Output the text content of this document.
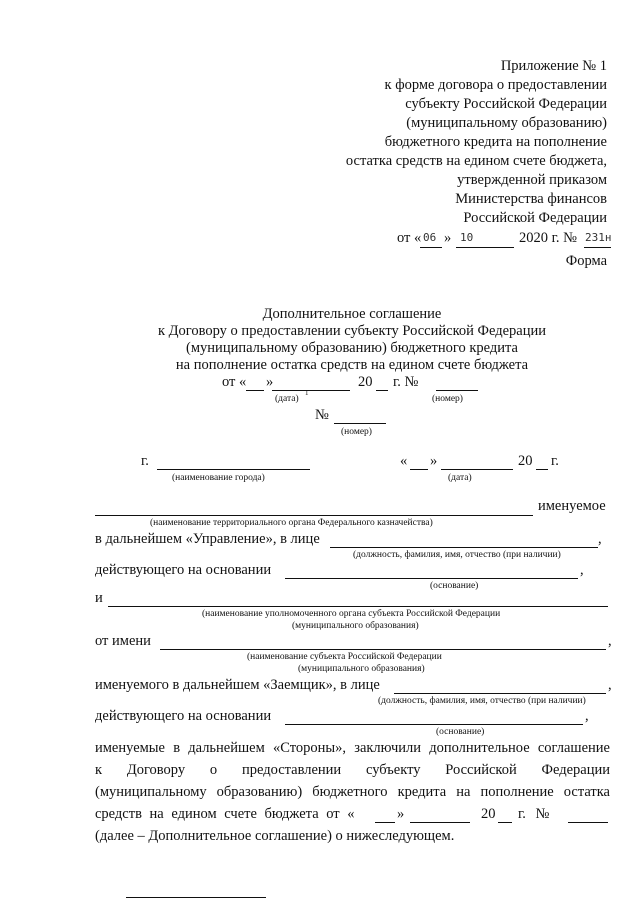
Приложение № 1
к форме договора о предоставлении
субъекту Российской Федерации
(муниципальному образованию)
бюджетного кредита на пополнение
остатка средств на едином счете бюджета,
утвержденной приказом
Министерства финансов
Российской Федерации
от « 06 » 10	2020 г. № 231н
Форма
Дополнительное соглашение
к Договору о предоставлении субъекту Российской Федерации
(муниципальному образованию) бюджетного кредита
на пополнение остатка средств на едином счете бюджета
от « »	20 г. №
(дата)
1
(номер)
№
(номер)
г.
(наименование города)
« »	20 г.
(дата)
именуемое
(наименование территориального органа Федерального казначейства)
в дальнейшем «Управление», в лице	,
(должность, фамилия, имя, отчество (при наличии)
действующего на основании	,
(основание)
и
(наименование уполномоченного органа субъекта Российской Федерации
(муниципального образования)
от имени	,
(наименование субъекта Российской Федерации
(муниципального образования)
именуемого в дальнейшем «Заемщик», в лице	,
(должность, фамилия, имя, отчество (при наличии)
действующего на основании	,
(основание)
именуемые в дальнейшем «Стороны», заключили дополнительное соглашение
к Договору о предоставлении субъекту Российской Федерации
(муниципальному образованию) бюджетного кредита на пополнение остатка
средств на едином счете бюджета от «	»	20 г. №
(далее – Дополнительное соглашение) о нижеследующем.
